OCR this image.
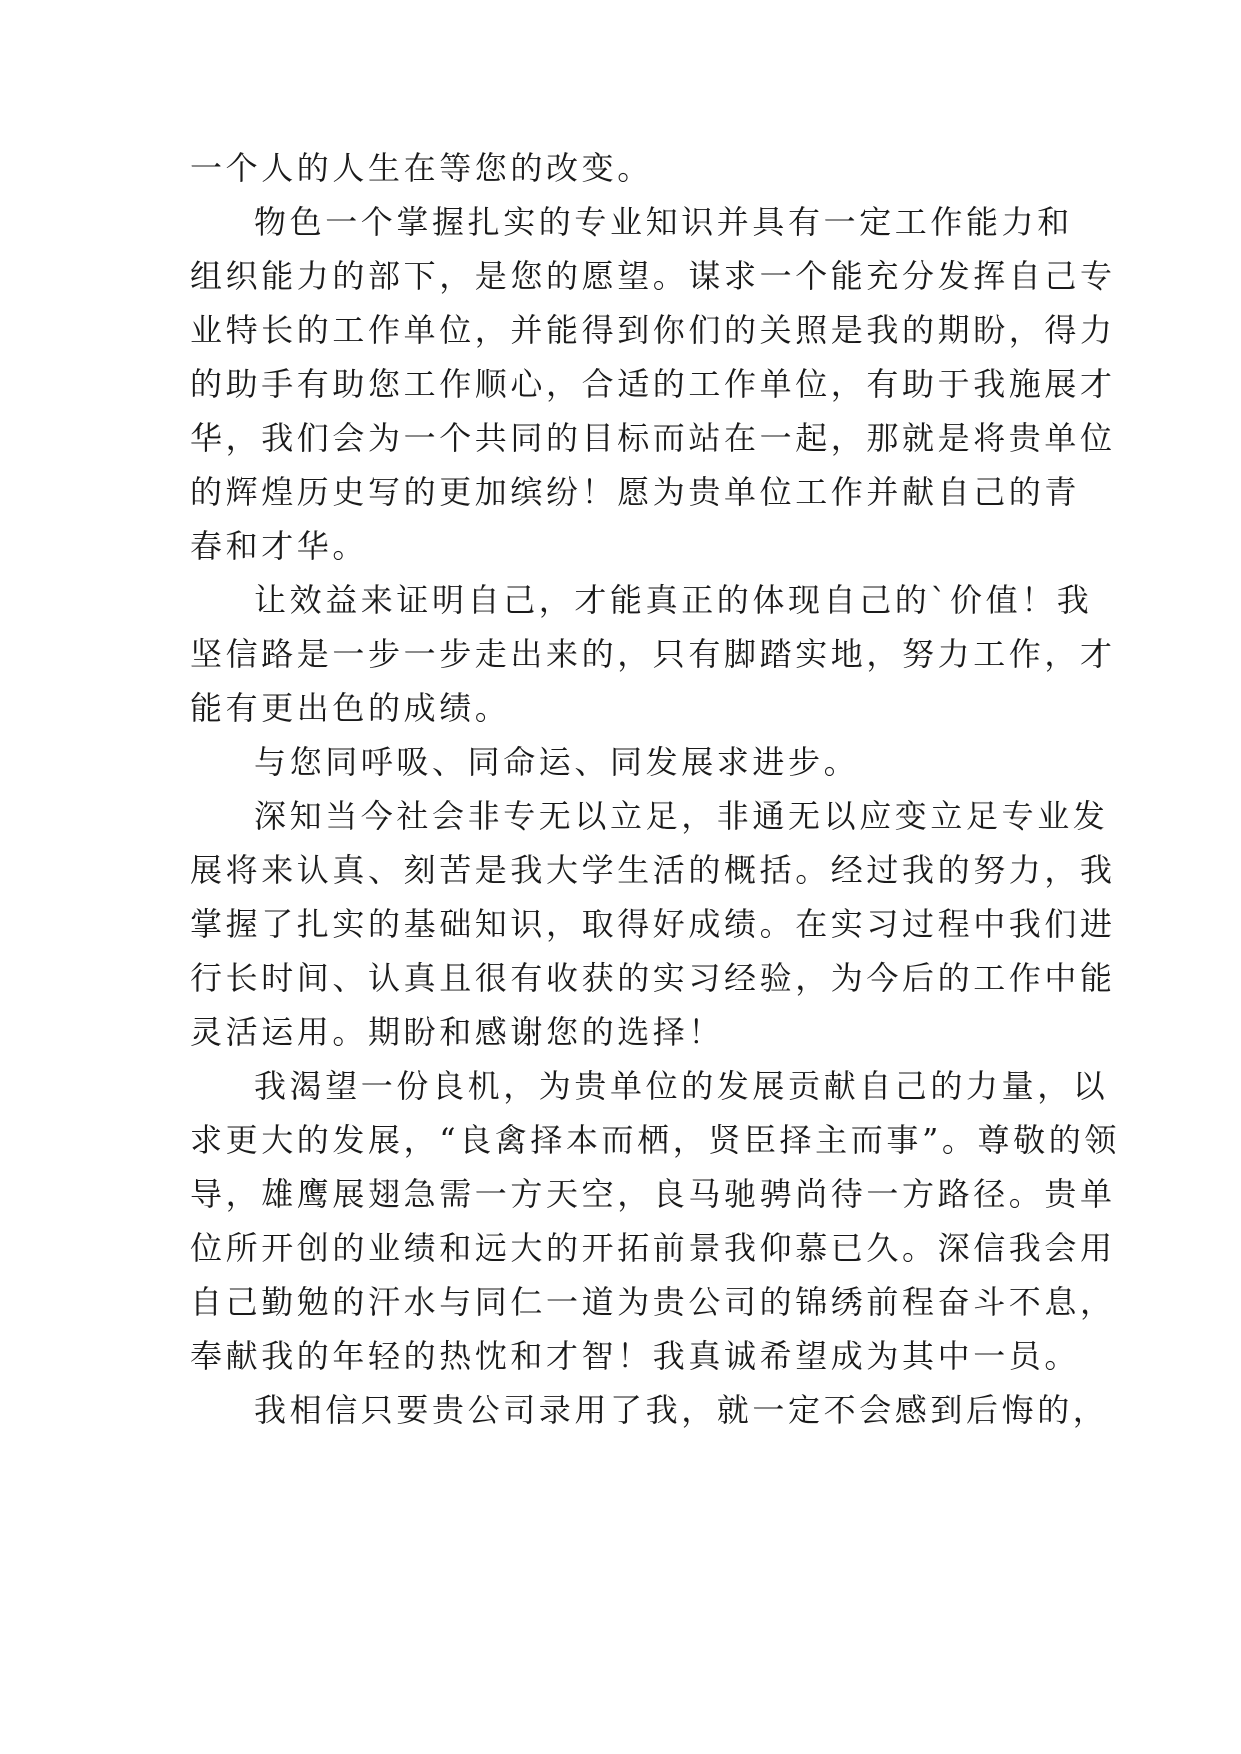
一个人的人生在等您的改变。
物色一个掌握扎实的专业知识并具有一定工作能力和
组织能力的部下，是您的愿望。谋求一个能充分发挥自己专
业特长的工作单位，并能得到你们的关照是我的期盼，得力
的助手有助您工作顺心，合适的工作单位，有助于我施展才
华，我们会为一个共同的目标而站在一起，那就是将贵单位
的辉煌历史写的更加缤纷！愿为贵单位工作并献自己的青
春和才华。
让效益来证明自己，才能真正的体现自己的`价值！我
坚信路是一步一步走出来的，只有脚踏实地，努力工作，才
能有更出色的成绩。
与您同呼吸、同命运、同发展求进步。
深知当今社会非专无以立足，非通无以应变立足专业发
展将来认真、刻苦是我大学生活的概括。经过我的努力，我
掌握了扎实的基础知识，取得好成绩。在实习过程中我们进
行长时间、认真且很有收获的实习经验，为今后的工作中能
灵活运用。期盼和感谢您的选择！
我渴望一份良机，为贵单位的发展贡献自己的力量，以
求更大的发展，“良禽择本而栖，贤臣择主而事”。尊敬的领
导，雄鹰展翅急需一方天空，良马驰骋尚待一方路径。贵单
位所开创的业绩和远大的开拓前景我仰慕已久。深信我会用
自己勤勉的汗水与同仁一道为贵公司的锦绣前程奋斗不息，
奉献我的年轻的热忱和才智！我真诚希望成为其中一员。
我相信只要贵公司录用了我，就一定不会感到后悔的，
